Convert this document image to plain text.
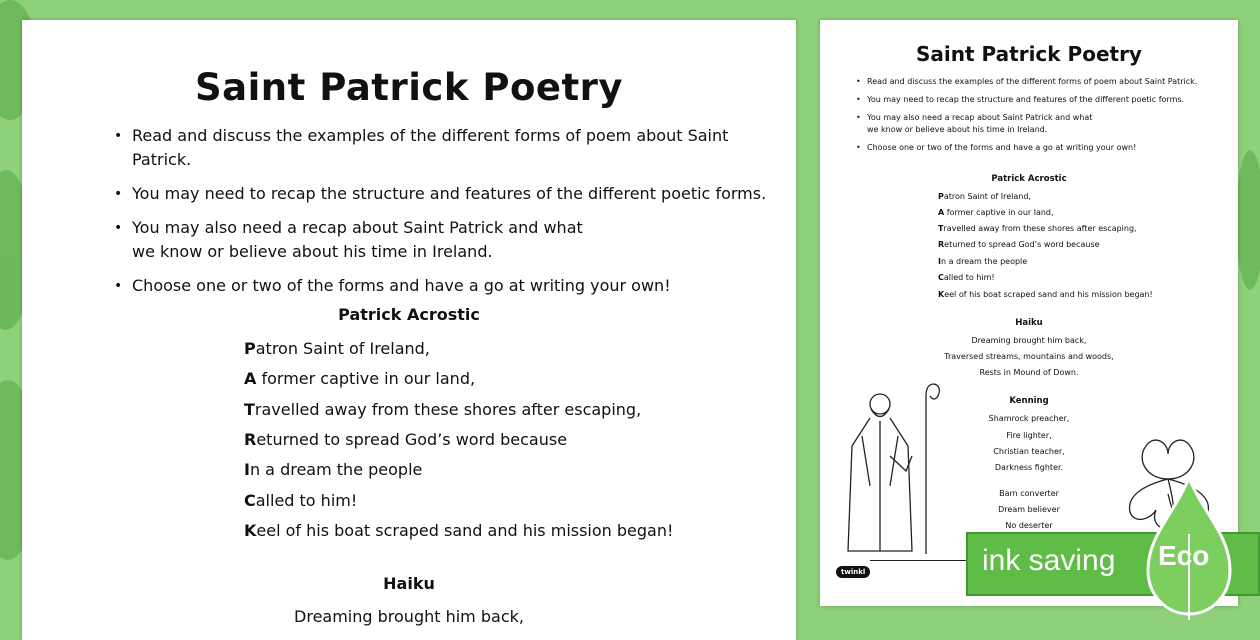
Saint Patrick Poetry
• Read and discuss the examples of the different forms of poem about Saint Patrick.
• You may need to recap the structure and features of the different poetic forms.
• You may also need a recap about Saint Patrick and what
we know or believe about his time in Ireland.
• Choose one or two of the forms and have a go at writing your own!
Patrick Acrostic
Patron Saint of Ireland,
A former captive in our land,
Travelled away from these shores after escaping,
Returned to spread God’s word because
In a dream the people
Called to him!
Keel of his boat scraped sand and his mission began!
Haiku
Dreaming brought him back,
Saint Patrick Poetry
• Read and discuss the examples of the different forms of poem about Saint Patrick.
• You may need to recap the structure and features of the different poetic forms.
• You may also need a recap about Saint Patrick and what
we know or believe about his time in Ireland.
• Choose one or two of the forms and have a go at writing your own!
Patrick Acrostic
Patron Saint of Ireland,
A former captive in our land,
Travelled away from these shores after escaping,
Returned to spread God’s word because
In a dream the people
Called to him!
Keel of his boat scraped sand and his mission began!
Haiku
Dreaming brought him back,
Traversed streams, mountains and woods,
Rests in Mound of Down.
Kenning
Shamrock preacher,
Fire lighter,
Christian teacher,
Darkness fighter.
Barn converter
Dream believer
No deserter
twinkl	ink saving Eco
